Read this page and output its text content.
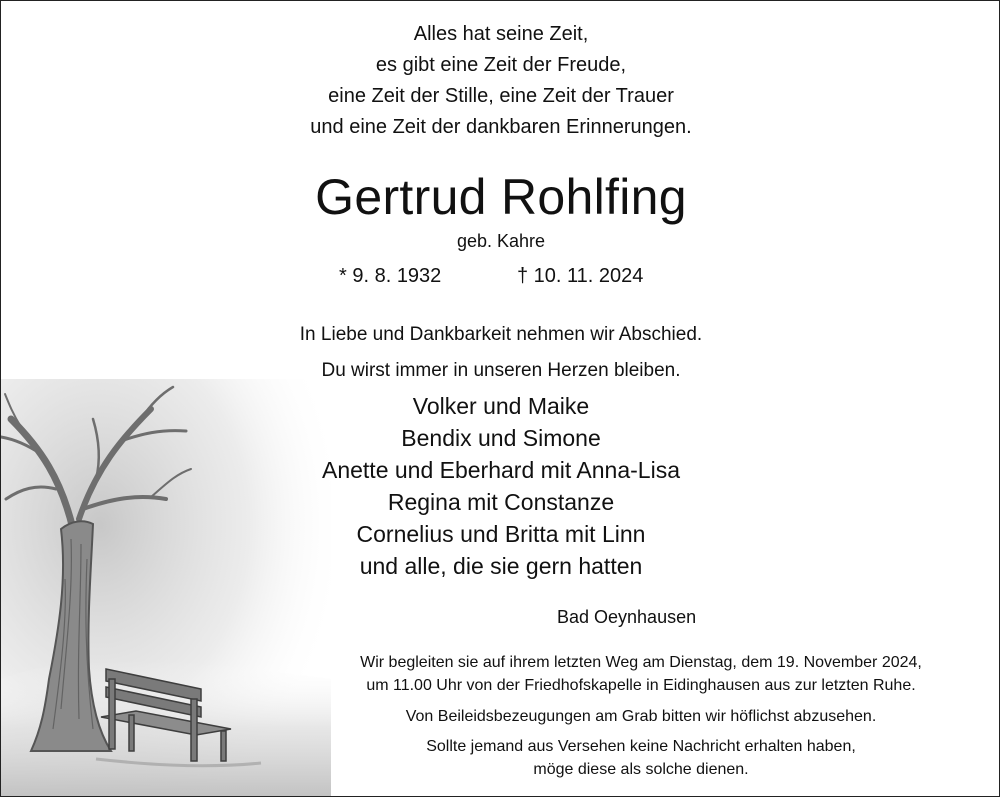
Alles hat seine Zeit,
es gibt eine Zeit der Freude,
eine Zeit der Stille, eine Zeit der Trauer
und eine Zeit der dankbaren Erinnerungen.
Gertrud Rohlfing
geb. Kahre
* 9. 8. 1932	† 10. 11. 2024
In Liebe und Dankbarkeit nehmen wir Abschied.
Du wirst immer in unseren Herzen bleiben.
Volker und Maike
Bendix und Simone
Anette und Eberhard mit Anna-Lisa
Regina mit Constanze
Cornelius und Britta mit Linn
und alle, die sie gern hatten
Bad Oeynhausen
Wir begleiten sie auf ihrem letzten Weg am Dienstag, dem 19. November 2024,
um 11.00 Uhr von der Friedhofskapelle in Eidinghausen aus zur letzten Ruhe.
Von Beileidsbezeugungen am Grab bitten wir höflichst abzusehen.
Sollte jemand aus Versehen keine Nachricht erhalten haben,
möge diese als solche dienen.
